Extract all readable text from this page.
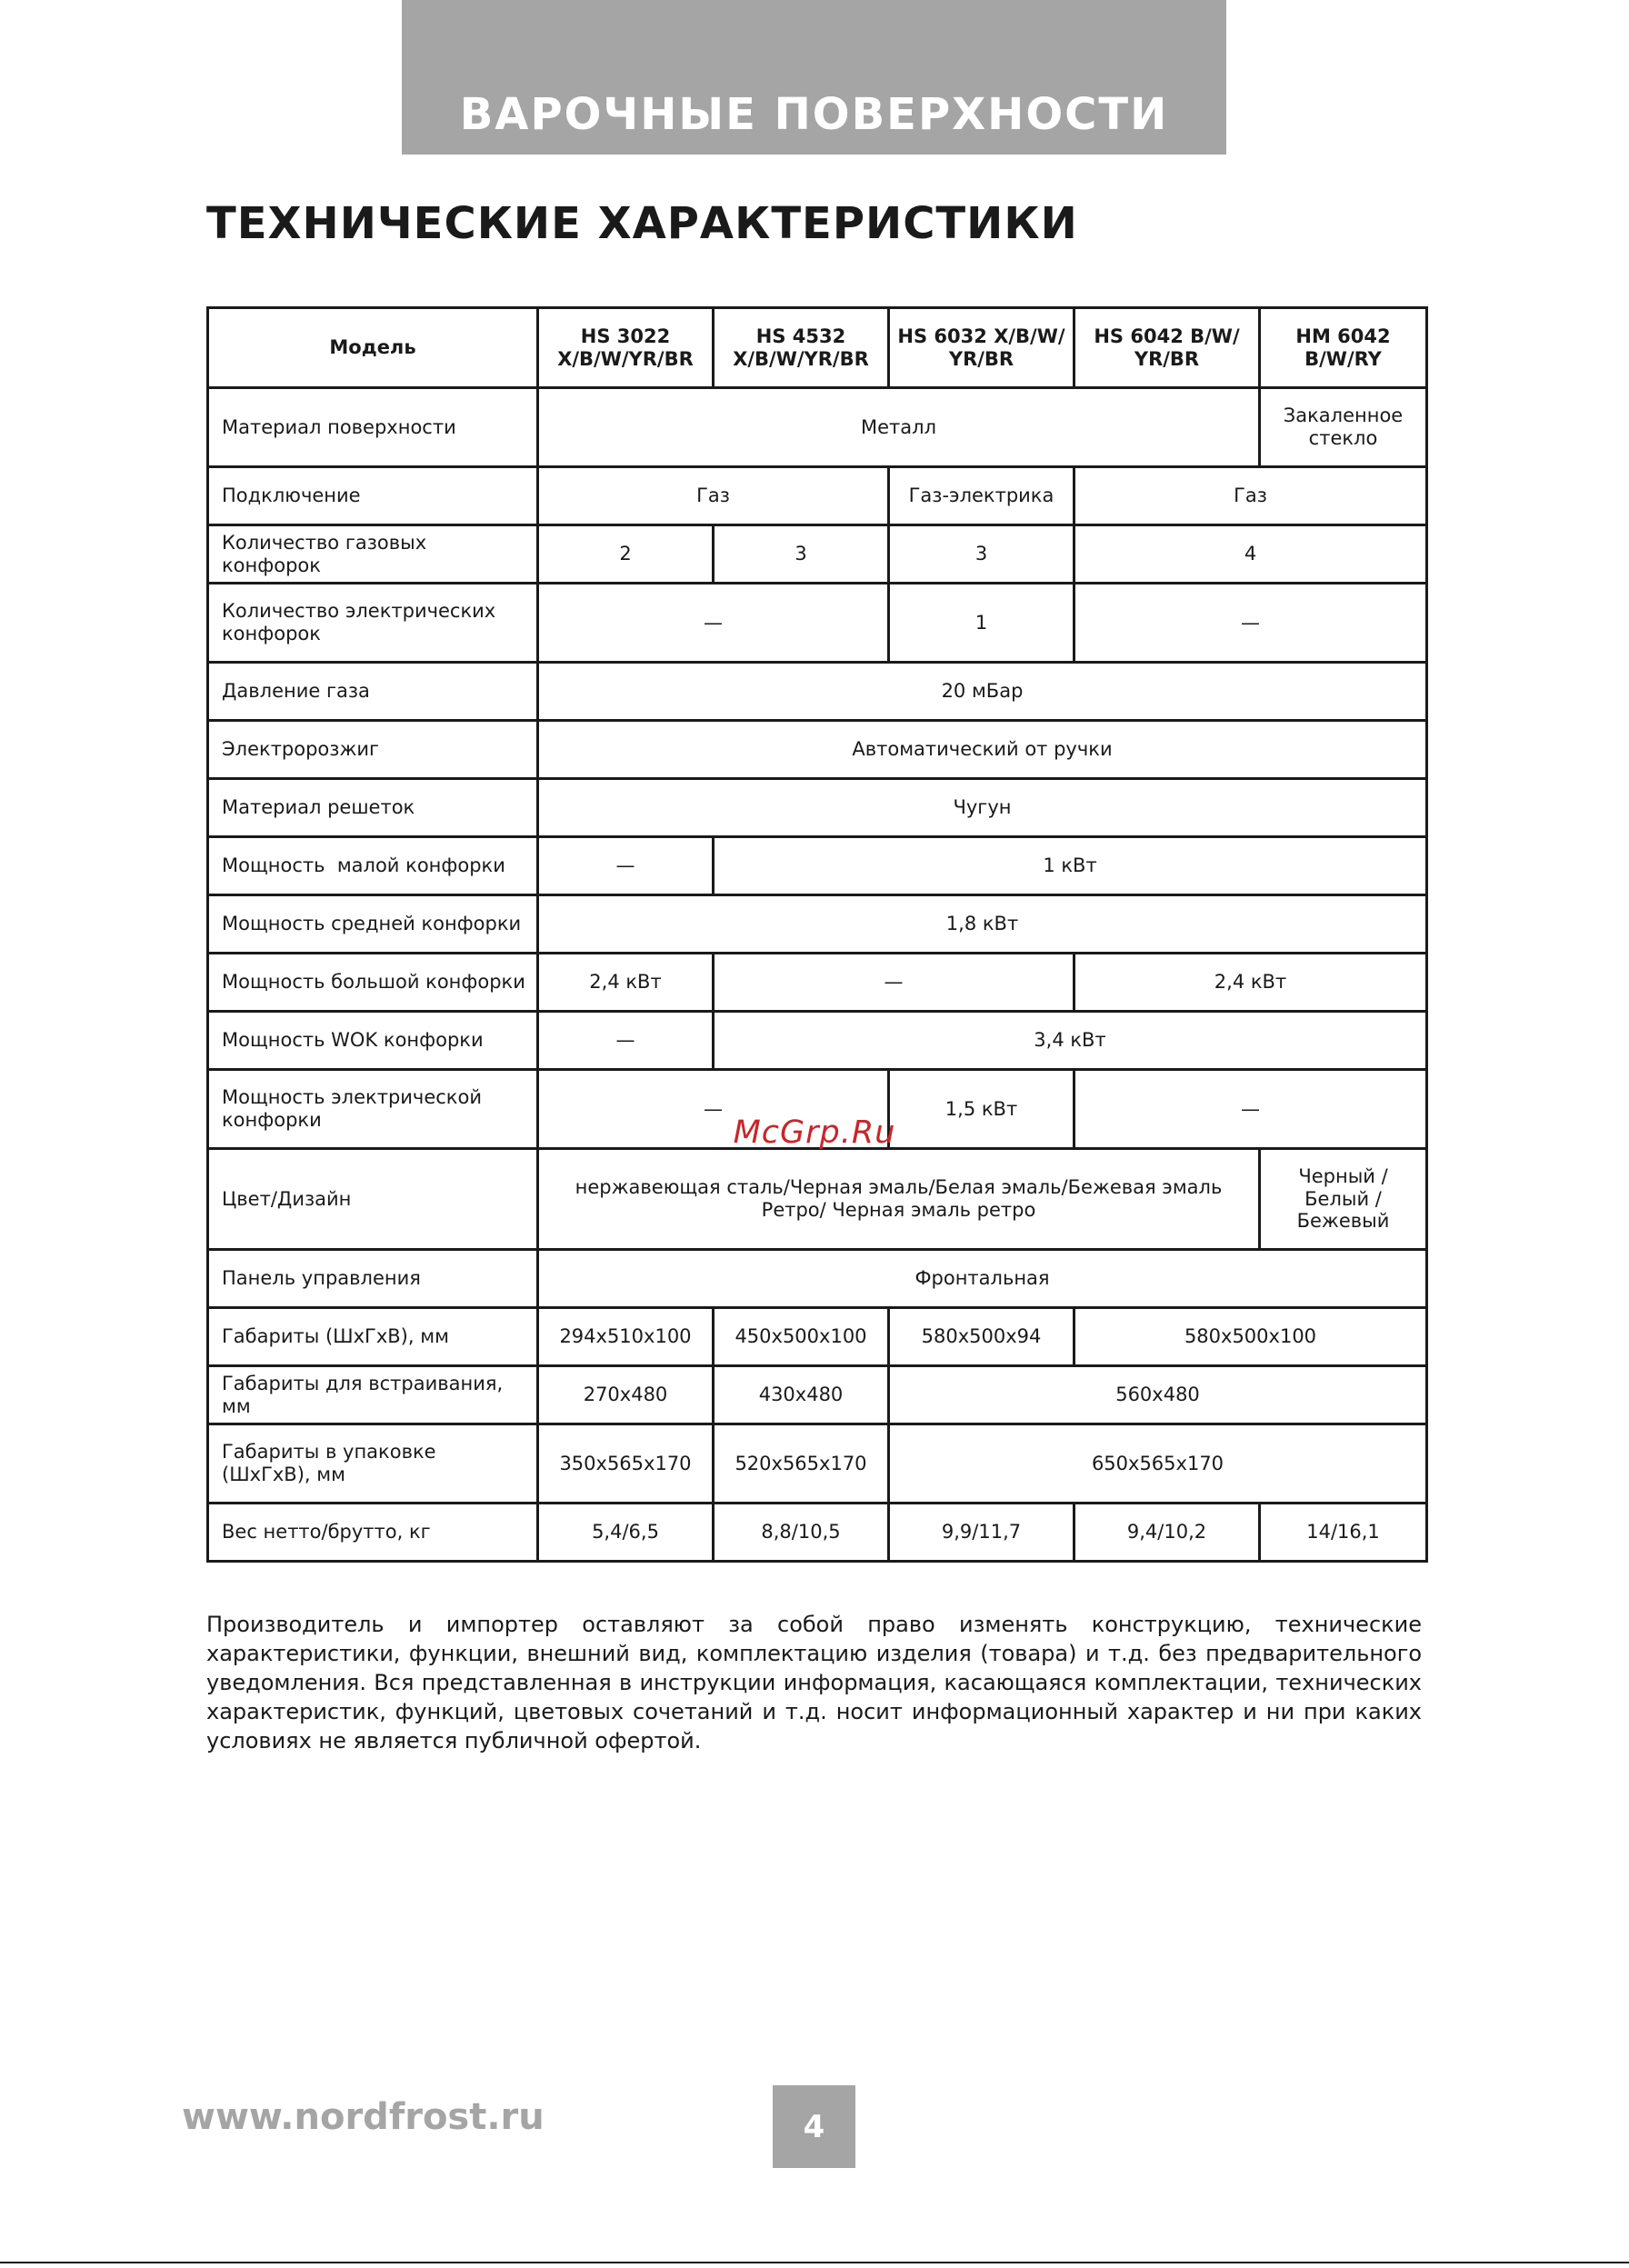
ВАРОЧНЫЕ ПОВЕРХНОСТИ
ТЕХНИЧЕСКИЕ ХАРАКТЕРИСТИКИ
Модель	HS 3022 X/B/W/YR/BR	HS 4532 X/B/W/YR/BR	HS 6032 X/B/W/ YR/BR	HS 6042 B/W/ YR/BR	HM 6042 B/W/RY
Материал поверхности	Металл				Закаленное стекло
Подключение	Газ		Газ-электрика	Газ	
Количество газовых конфорок	2	3	3	4	
Количество электрических конфорок	—		1	—	
Давление газа	20 мБар				
Электророзжиг	Автоматический от ручки				
Материал решеток	Чугун				
Мощность  малой конфорки	—	1 кВт			
Мощность средней конфорки	1,8 кВт				
Мощность большой конфорки	2,4 кВт	—		2,4 кВт	
Мощность WOK конфорки	—	3,4 кВт			
Мощность электрической конфорки	—		1,5 кВт	—	
Цвет/Дизайн	нержавеющая сталь/Черная эмаль/Белая эмаль/Бежевая эмаль Ретро/ Черная эмаль ретро				Черный / Белый / Бежевый
Панель управления	Фронтальная				
Габариты (ШхГхВ), мм	294x510x100	450x500x100	580x500x94	580x500x100	
Габариты для встраивания, мм	270x480	430x480	560x480		
Габариты в упаковке (ШхГхВ), мм	350x565x170	520x565x170	650x565x170		
Вес нетто/брутто, кг	5,4/6,5	8,8/10,5	9,9/11,7	9,4/10,2	14/16,1
McGrp.Ru

Производитель и импортер оставляют за собой право изменять конструкцию, технические характеристики, функции, внешний вид, комплектацию изделия (товара) и т.д. без предварительного уведомления. Вся представленная в инструкции информация, касающаяся комплектации, технических характеристик, функций, цветовых сочетаний и т.д. носит информационный характер и ни при каких условиях не является публичной офертой.

www.nordfrost.ru	4
